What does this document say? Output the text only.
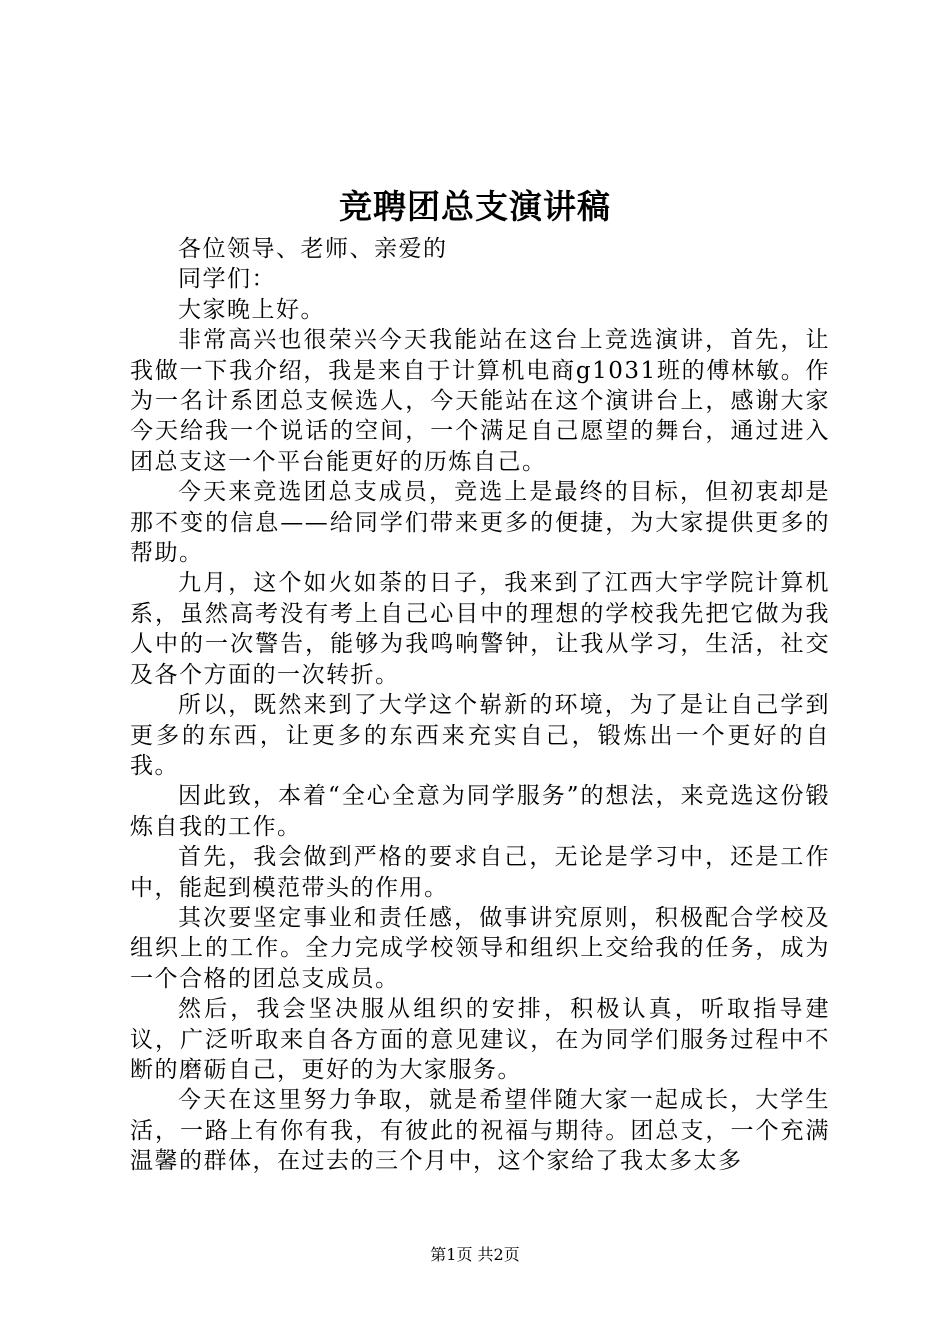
竞聘团总支演讲稿

各位领导、老师、亲爱的

同学们：

大家晚上好。

非常高兴也很荣兴今天我能站在这台上竞选演讲，首先，让我做一下我介绍，我是来自于计算机电商g1031班的傅林敏。作为一名计系团总支候选人，今天能站在这个演讲台上，感谢大家今天给我一个说话的空间，一个满足自己愿望的舞台，通过进入团总支这一个平台能更好的历炼自己。

今天来竞选团总支成员，竞选上是最终的目标，但初衷却是那不变的信息——给同学们带来更多的便捷，为大家提供更多的帮助。

九月，这个如火如荼的日子，我来到了江西大宇学院计算机系，虽然高考没有考上自己心目中的理想的学校我先把它做为我人中的一次警告，能够为我鸣响警钟，让我从学习，生活，社交及各个方面的一次转折。

所以，既然来到了大学这个崭新的环境，为了是让自己学到更多的东西，让更多的东西来充实自己，锻炼出一个更好的自我。

因此致，本着“全心全意为同学服务”的想法，来竞选这份锻炼自我的工作。

首先，我会做到严格的要求自己，无论是学习中，还是工作中，能起到模范带头的作用。

其次要坚定事业和责任感，做事讲究原则，积极配合学校及组织上的工作。全力完成学校领导和组织上交给我的任务，成为一个合格的团总支成员。

然后，我会坚决服从组织的安排，积极认真，听取指导建议，广泛听取来自各方面的意见建议，在为同学们服务过程中不断的磨砺自己，更好的为大家服务。

今天在这里努力争取，就是希望伴随大家一起成长，大学生活，一路上有你有我，有彼此的祝福与期待。团总支，一个充满温馨的群体，在过去的三个月中，这个家给了我太多太多

第1页 共2页
